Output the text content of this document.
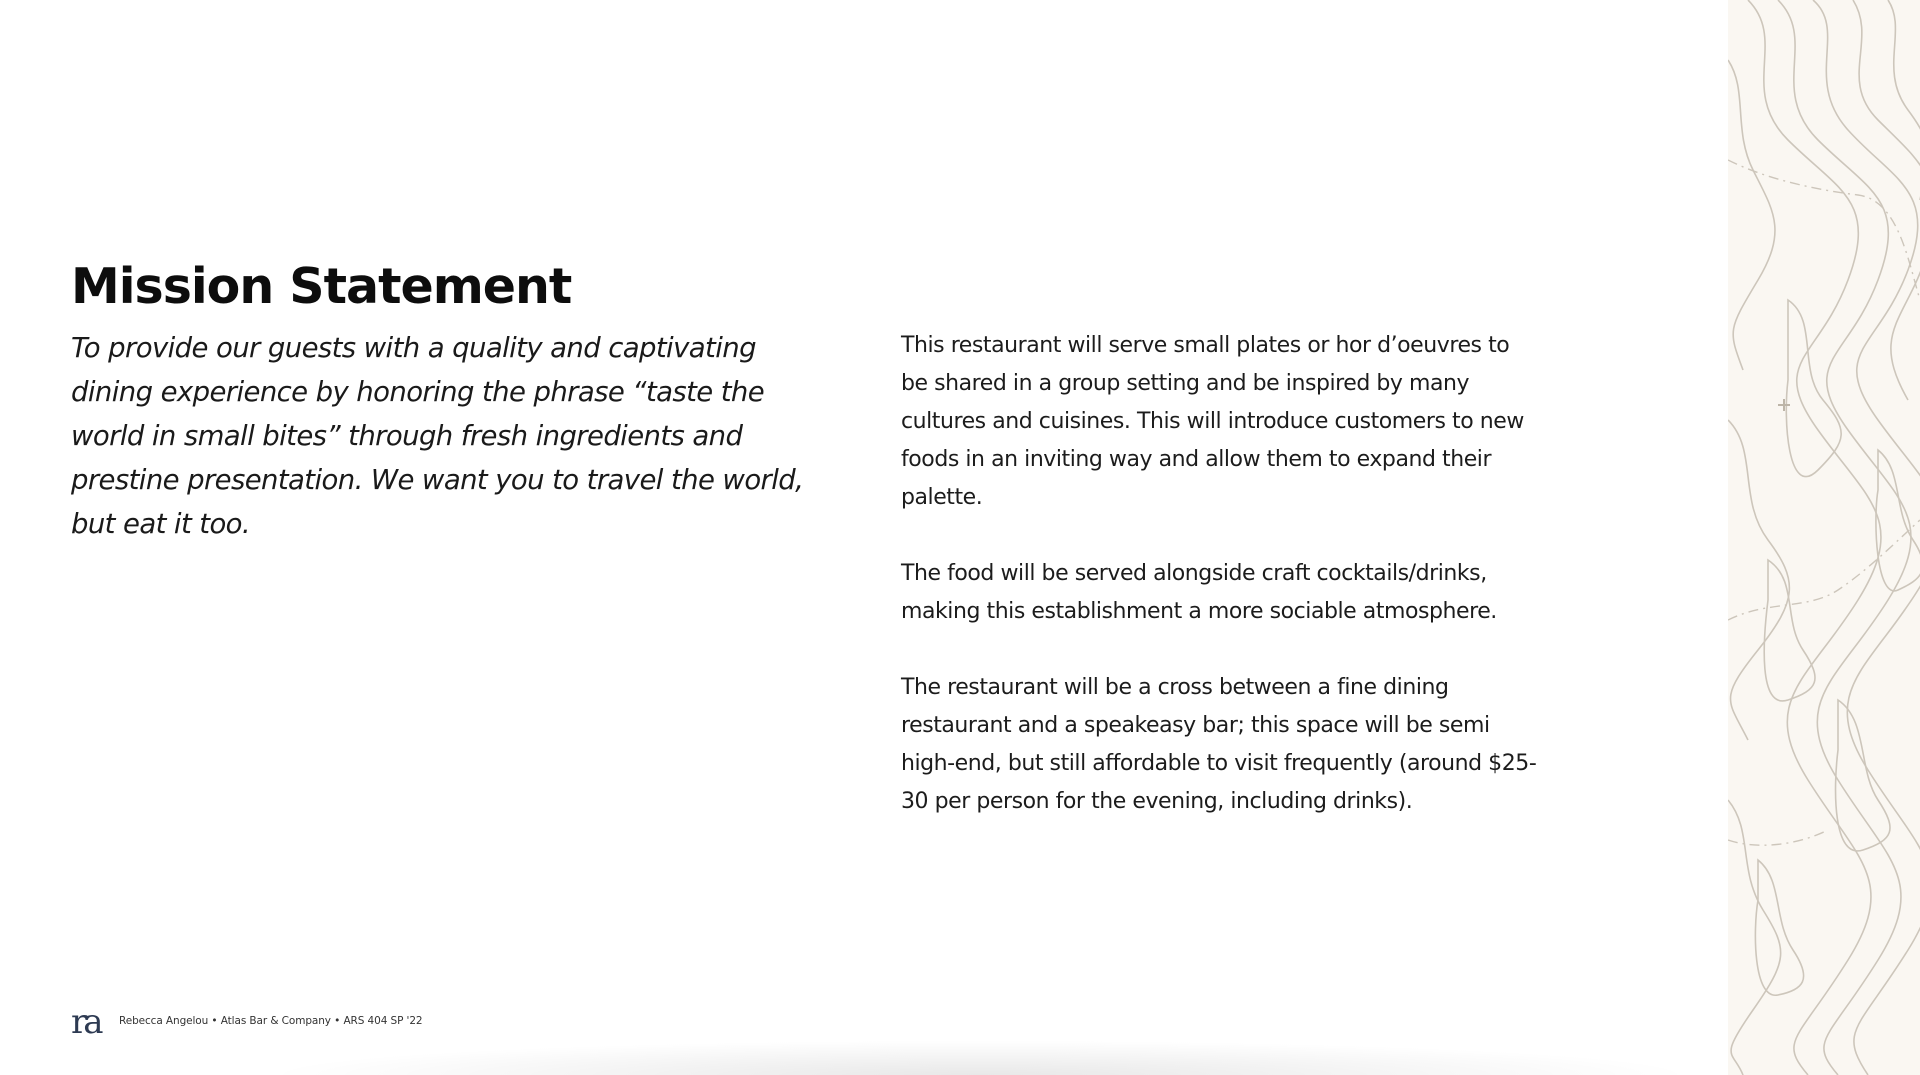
Mission Statement

To provide our guests with a quality and captivating dining experience by honoring the phrase “taste the world in small bites” through fresh ingredients and prestine presentation. We want you to travel the world, but eat it too.

This restaurant will serve small plates or hor d’oeuvres to be shared in a group setting and be inspired by many cultures and cuisines. This will introduce customers to new foods in an inviting way and allow them to expand their palette.

The food will be served alongside craft cocktails/drinks, making this establishment a more sociable atmosphere.

The restaurant will be a cross between a fine dining restaurant and a speakeasy bar; this space will be semi high-end, but still affordable to visit frequently (around $25-30 per person for the evening, including drinks).

ra	Rebecca Angelou • Atlas Bar & Company • ARS 404 SP '22
